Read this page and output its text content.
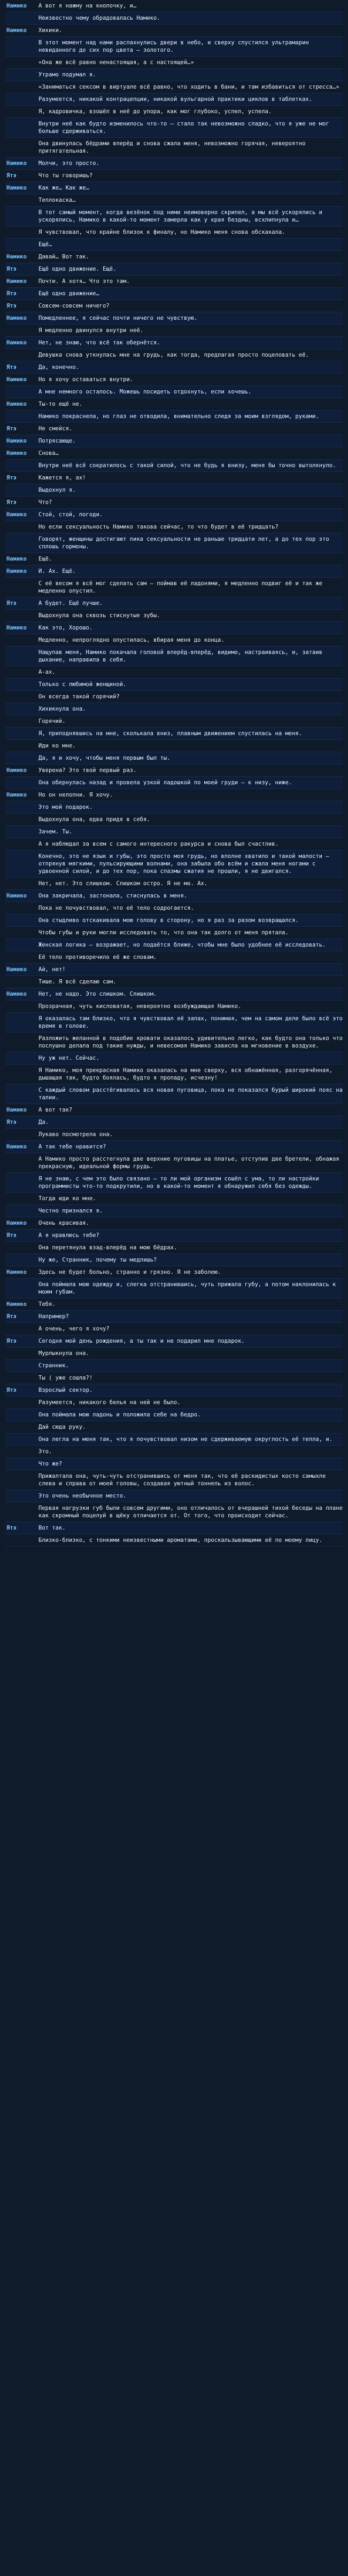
Намико	А вот я нажму на кнопочку, и…
Неизвестно чему обрадовалась Намико.
Намико	Хихики.
В этот момент над нами распахнулись двери в небо, и сверху спустился ультрамарин невиданного до сих пор цвета — золотого.
«Она же всё равно ненастоящая, а с настоящей…»
Утрамо подумал я.
«Заниматься сексом в виртуале всё равно, что ходить в бани, и там избавиться от стресса…»
Разумеется, никакой контрацепции, никакой вульгарной практики циклов в таблетках.
Я, кадровичка, взошёл в неё до упора, как мог глубоко, успел, успела.
Внутри неё как будто изменилось что-то — стало так невозможно сладко, что я уже не мог больше сдерживаться.
Она двинулась бёдрами вперёд и снова сжала меня, невозможно горячая, невероятно притягательная.
Намико	Молчи, это просто.
Ятэ	Что ты говоришь?
Намико	Как же… Как же…
Теплокаска…
В тот самый момент, когда везёнок под ними неимоверно скрипел, а мы всё ускорялись и ускорялись, Намико в какой-то момент замерла как у края бездны, всхлипнула и…
Я чувствовал, что крайне близок к финалу, но Намико меня снова обскакала.
Ещё…
Намико	Давай… Вот так.
Ятэ	Ещё одно движение. Ещё.
Намико	Почти. А хотя… Что это там.
Ятэ	Ещё одно движение…
Ятэ	Совсем-совсем ничего?
Намико	Помедленнее, я сейчас почти ничего не чувствую.
Я медленно двинулся внутри неё.
Намико	Нет, не знаю, что всё так обернётся.
Девушка снова уткнулась мне на грудь, как тогда, предлагая просто поцеловать её.
Ятэ	Да, конечно.
Намико	Но я хочу оставаться внутри.
А мне немного осталось. Можешь посидеть отдохнуть, если хочешь.
Намико	Ты-то ещё не.
Намико покраснела, но глаз не отводила, внимательно следя за моим взглядом, руками.
Ятэ	Не смейся.
Намико	Потрясающе.
Намико	Снова…
Внутри неё всё сократилось с такой силой, что не будь я внизу, меня бы точно вытолкнуло.
Ятэ	Кажется я, ах!
Выдохнул я.
Ятэ	Что?
Намико	Стой, стой, погоди.
Но если сексуальность Намико такова сейчас, то что будет в её тридцать?
Говорят, женщины достигают пика сексуальности не раньше тридцати лет, а до тех пор это сплошь гормоны.
Намико	Ещё.
Намико	И. Ах. Ещё.
С её весом я всё мог сделать сам — поймав её ладонями, я медленно подвиг её и так же медленно опустил.
Ятэ	А будет. Ещё лучше.
Выдохнула она сквозь стиснутые зубы.
Намико	Как это, Хорошо.
Медленно, непроглядно опустилась, вбирая меня до конца.
Нащупав меня, Намико покачала головой вперёд-вперёд, видимо, настраиваясь, и, затаив дыхание, направила в себя.
А-ах.
Только с любимой женщиной.
Он всегда такой горячий?
Хихикнула она.
Горячий.
Я, приподнявшись на мне, сколькала вниз, плавным движением спустилась на меня.
Иди ко мне.
Да, я и хочу, чтобы меня первым был ты.
Намико	Уверена? Это твой первый раз.
Она обернулась назад и провела узкой ладошкой по моей груди — к низу, ниже.
Намико	Но он нелопни. Я хочу.
Это мой подарок.
Выдохнула она, едва придя в себя.
Зачем. Ты.
А я наблюдал за всем с самого интересного ракурса и снова был счастлив.
Конечно, это не язык и губы, это просто моя грудь, но вполне хватило и такой малости — отпрянув мягкими, пульсирующими волнами, она забыла обо всём и сжала меня ногами с удвоенной силой, и до тех пор, пока спазмы сжатия не прошли, я не двигался.
Нет, нет. Это слишком. Слишком остро. Я не мо. Ах.
Намико	Она закричала, застонала, стиснулась в меня.
Пока не почувствовал, что её тело содрогается.
Она стыдливо отскакивала мою голову в сторону, но я раз за разом возвращался.
Чтобы губы и руки могли исследовать то, что она так долго от меня прятала.
Женская логика — возражает, но подаётся ближе, чтобы мне было удобнее её исследовать.
Её тело противоречило её же словам.
Намико	Ай, нет!
Тише. Я всё сделаю сам.
Намико	Нет, не надо. Это слишком. Слишком.
Прозрачная, чуть кисловатая, невероятно возбуждающая Намико.
Я оказалась там близко, что я чувствовал её запах, понимая, чем на самом деле было всё это время в голове.
Разложить желанной в подобие кровати оказалось удивительно легко, как будто она только что послушно делала под такие нужды, и невесомая Намико зависла на мгновение в воздухе.
Ну уж нет. Сейчас.
Я Намико, моя прекрасная Намико оказалась на мне сверху, вся обнажённая, разгорячённая, дышащая так, будто боялась, будто я пропаду, исчезну!
С каждый словом расстёгивалась вся новая пуговица, пока не показался бурый широкий пояс на талии.
Намико	А вот так?
Ятэ	Да.
Лукаво посмотрела она.
Намико	А так тебе нравится?
А Намико просто расстегнула две верхние пуговицы на платье, отступив две бретели, обнажая прекрасную, идеальной формы грудь.
Я не знаю, с чем это было связано — то ли мой организм сошёл с ума, то ли настройки программисты что-то подкрутили, но в какой-то момент я обнаружил себя без одежды.
Тогда иди ко мне.
Честно признался я.
Намико	Очень красивая.
Ятэ	А я нравлюсь тебе?
Она перетянула взад-вперёд на мою бёдрах.
Ну же, Странник, почему ты медлишь?
Намико	Здесь не будет больно, странно и грязно. Я не заболею.
Она поймала мою одежду и, слегка отстранившись, чуть прижала губу, а потом наклонилась к моим губам.
Намико	Тебя.
Ятэ	Например?
А очень, чего я хочу?
Ятэ	Сегодня мой день рождения, а ты так и не подарил мне подарок.
Мурлыкнула она.
Странник.
Ты ( уже сошла?!
Ятэ	Взрослый сектор.
Разумеется, никакого белья на ней не было.
Она поймала мою ладонь и положила себе на бедро.
Дай сюда руку.
Она легла на меня так, что я почувствовал низом не сдерживаемую округлость её тепла, и.
Это.
Что же?
Прижалтала она, чуть-чуть отстранившись от меня так, что её раскидистых косто самыхле слева и справа от моей головы, создавая уютный тоннель из волос.
Это очень необычное место.
Первая нагрузки губ были совсем другими, оно отличалось от вчерашней тихой беседы на плане как скромный поцелуй в щёку отличается от. От того, что происходит сейчас.
Ятэ	Вот так.
Близко-близко, с тонкими неизвестными ароматами, проскальзывающими её по моему лицу.
